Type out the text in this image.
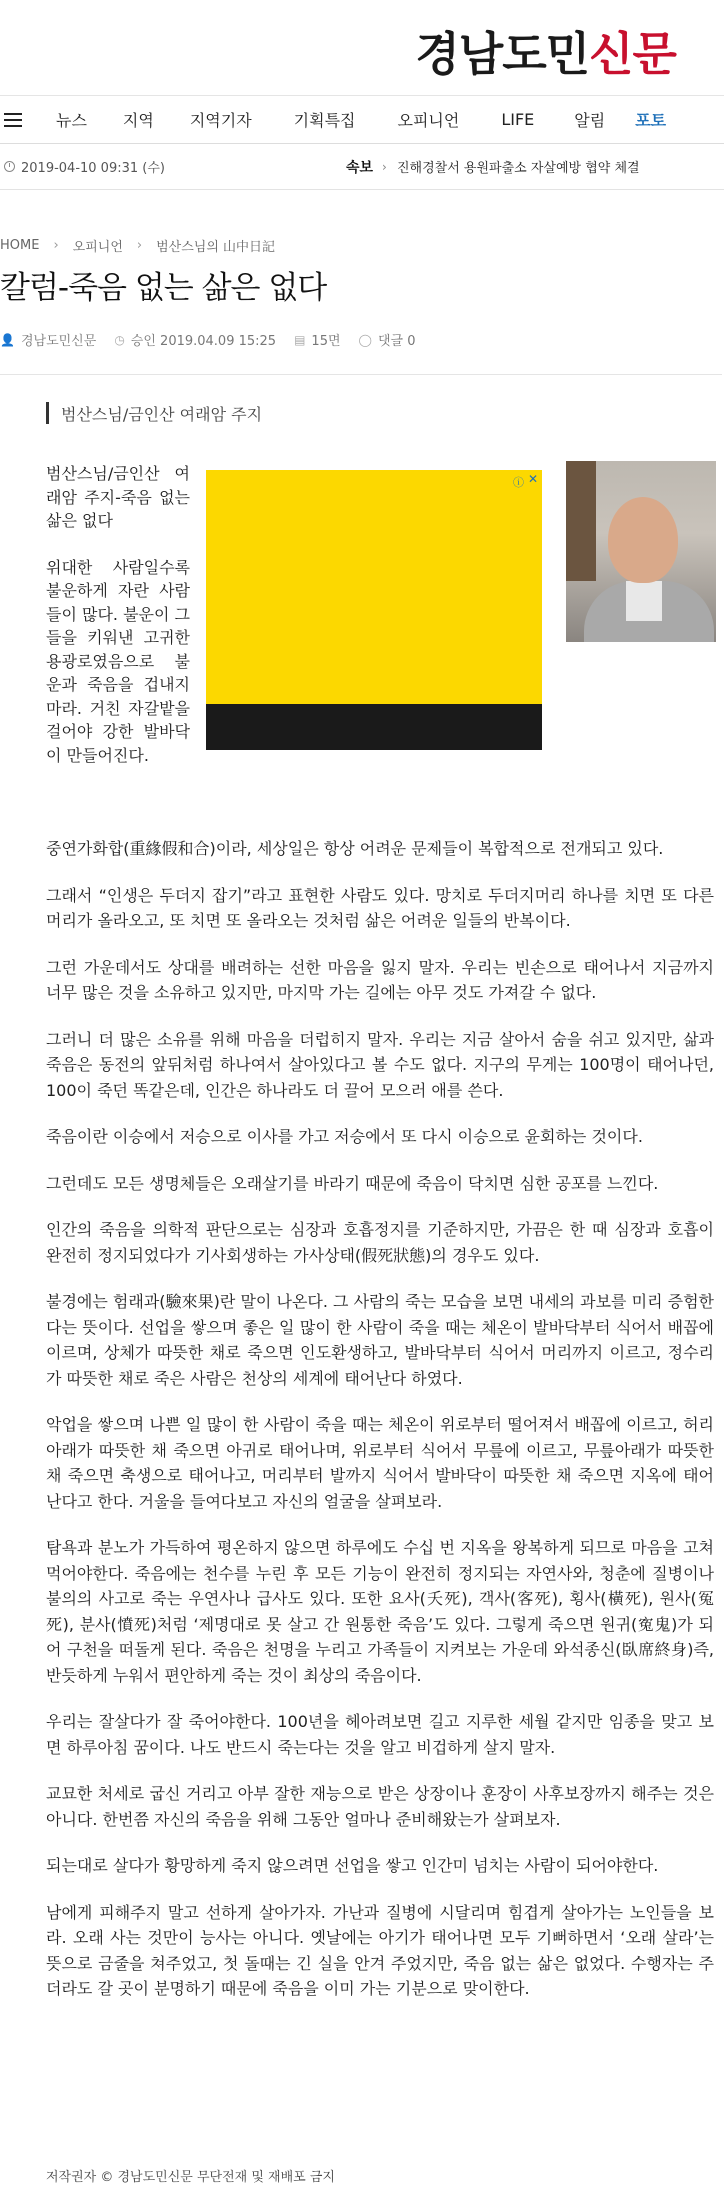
경남도민신문
뉴스 지역 지역기자	기획특집	오피니언	LIFE	알림 포토
2019-04-10 09:31 (수)	속보 › 진해경찰서 용원파출소 자살예방 협약 체결
HOME › 오피니언 › 범산스님의 山中日記
칼럼-죽음 없는 삶은 없다
👤 경남도민신문 ◷ 승인 2019.04.09 15:25 ▤ 15면 ◯ 댓글 0
범산스님/금인산 여래암 주지

범산스님/금인산 여래암 주지-죽음 없는 삶은 없다

위대한 사람일수록 불운하게 자란 사람들이 많다. 불운이 그들을 키워낸 고귀한 용광로였음으로 불운과 죽음을 겁내지 마라. 거친 자갈밭을 걸어야 강한 발바닥이 만들어진다.

ⓘ ✕

중연가화합(重緣假和合)이라, 세상일은 항상 어려운 문제들이 복합적으로 전개되고 있다.

그래서 “인생은 두더지 잡기”라고 표현한 사람도 있다. 망치로 두더지머리 하나를 치면 또 다른 머리가 올라오고, 또 치면 또 올라오는 것처럼 삶은 어려운 일들의 반복이다.

그런 가운데서도 상대를 배려하는 선한 마음을 잃지 말자. 우리는 빈손으로 태어나서 지금까지 너무 많은 것을 소유하고 있지만, 마지막 가는 길에는 아무 것도 가져갈 수 없다.

그러니 더 많은 소유를 위해 마음을 더럽히지 말자. 우리는 지금 살아서 숨을 쉬고 있지만, 삶과 죽음은 동전의 앞뒤처럼 하나여서 살아있다고 볼 수도 없다. 지구의 무게는 100명이 태어나던, 100이 죽던 똑같은데, 인간은 하나라도 더 끌어 모으러 애를 쓴다.

죽음이란 이승에서 저승으로 이사를 가고 저승에서 또 다시 이승으로 윤회하는 것이다.

그런데도 모든 생명체들은 오래살기를 바라기 때문에 죽음이 닥치면 심한 공포를 느낀다.

인간의 죽음을 의학적 판단으로는 심장과 호흡정지를 기준하지만, 가끔은 한 때 심장과 호흡이 완전히 정지되었다가 기사회생하는 가사상태(假死狀態)의 경우도 있다.

불경에는 험래과(驗來果)란 말이 나온다. 그 사람의 죽는 모습을 보면 내세의 과보를 미리 증험한다는 뜻이다. 선업을 쌓으며 좋은 일 많이 한 사람이 죽을 때는 체온이 발바닥부터 식어서 배꼽에 이르며, 상체가 따뜻한 채로 죽으면 인도환생하고, 발바닥부터 식어서 머리까지 이르고, 정수리가 따뜻한 채로 죽은 사람은 천상의 세계에 태어난다 하였다.

악업을 쌓으며 나쁜 일 많이 한 사람이 죽을 때는 체온이 위로부터 떨어져서 배꼽에 이르고, 허리아래가 따뜻한 채 죽으면 아귀로 태어나며, 위로부터 식어서 무릎에 이르고, 무릎아래가 따뜻한 채 죽으면 축생으로 태어나고, 머리부터 발까지 식어서 발바닥이 따뜻한 채 죽으면 지옥에 태어난다고 한다. 거울을 들여다보고 자신의 얼굴을 살펴보라.

탐욕과 분노가 가득하여 평온하지 않으면 하루에도 수십 번 지옥을 왕복하게 되므로 마음을 고쳐먹어야한다. 죽음에는 천수를 누린 후 모든 기능이 완전히 정지되는 자연사와, 청춘에 질병이나 불의의 사고로 죽는 우연사나 급사도 있다. 또한 요사(夭死), 객사(客死), 횡사(橫死), 원사(冤死), 분사(憤死)처럼 ‘제명대로 못 살고 간 원통한 죽음’도 있다. 그렇게 죽으면 원귀(寃鬼)가 되어 구천을 떠돌게 된다. 죽음은 천명을 누리고 가족들이 지켜보는 가운데 와석종신(臥席終身)즉, 반듯하게 누워서 편안하게 죽는 것이 최상의 죽음이다.

우리는 잘살다가 잘 죽어야한다. 100년을 헤아려보면 길고 지루한 세월 같지만 임종을 맞고 보면 하루아침 꿈이다. 나도 반드시 죽는다는 것을 알고 비겁하게 살지 말자.

교묘한 처세로 굽신 거리고 아부 잘한 재능으로 받은 상장이나 훈장이 사후보장까지 해주는 것은 아니다. 한번쯤 자신의 죽음을 위해 그동안 얼마나 준비해왔는가 살펴보자.

되는대로 살다가 황망하게 죽지 않으려면 선업을 쌓고 인간미 넘치는 사람이 되어야한다.

남에게 피해주지 말고 선하게 살아가자. 가난과 질병에 시달리며 힘겹게 살아가는 노인들을 보라. 오래 사는 것만이 능사는 아니다. 옛날에는 아기가 태어나면 모두 기뻐하면서 ‘오래 살라’는 뜻으로 금줄을 쳐주었고, 첫 돌때는 긴 실을 안겨 주었지만, 죽음 없는 삶은 없었다. 수행자는 주더라도 갈 곳이 분명하기 때문에 죽음을 이미 가는 기분으로 맞이한다.

저작권자 © 경남도민신문 무단전재 및 재배포 금지
